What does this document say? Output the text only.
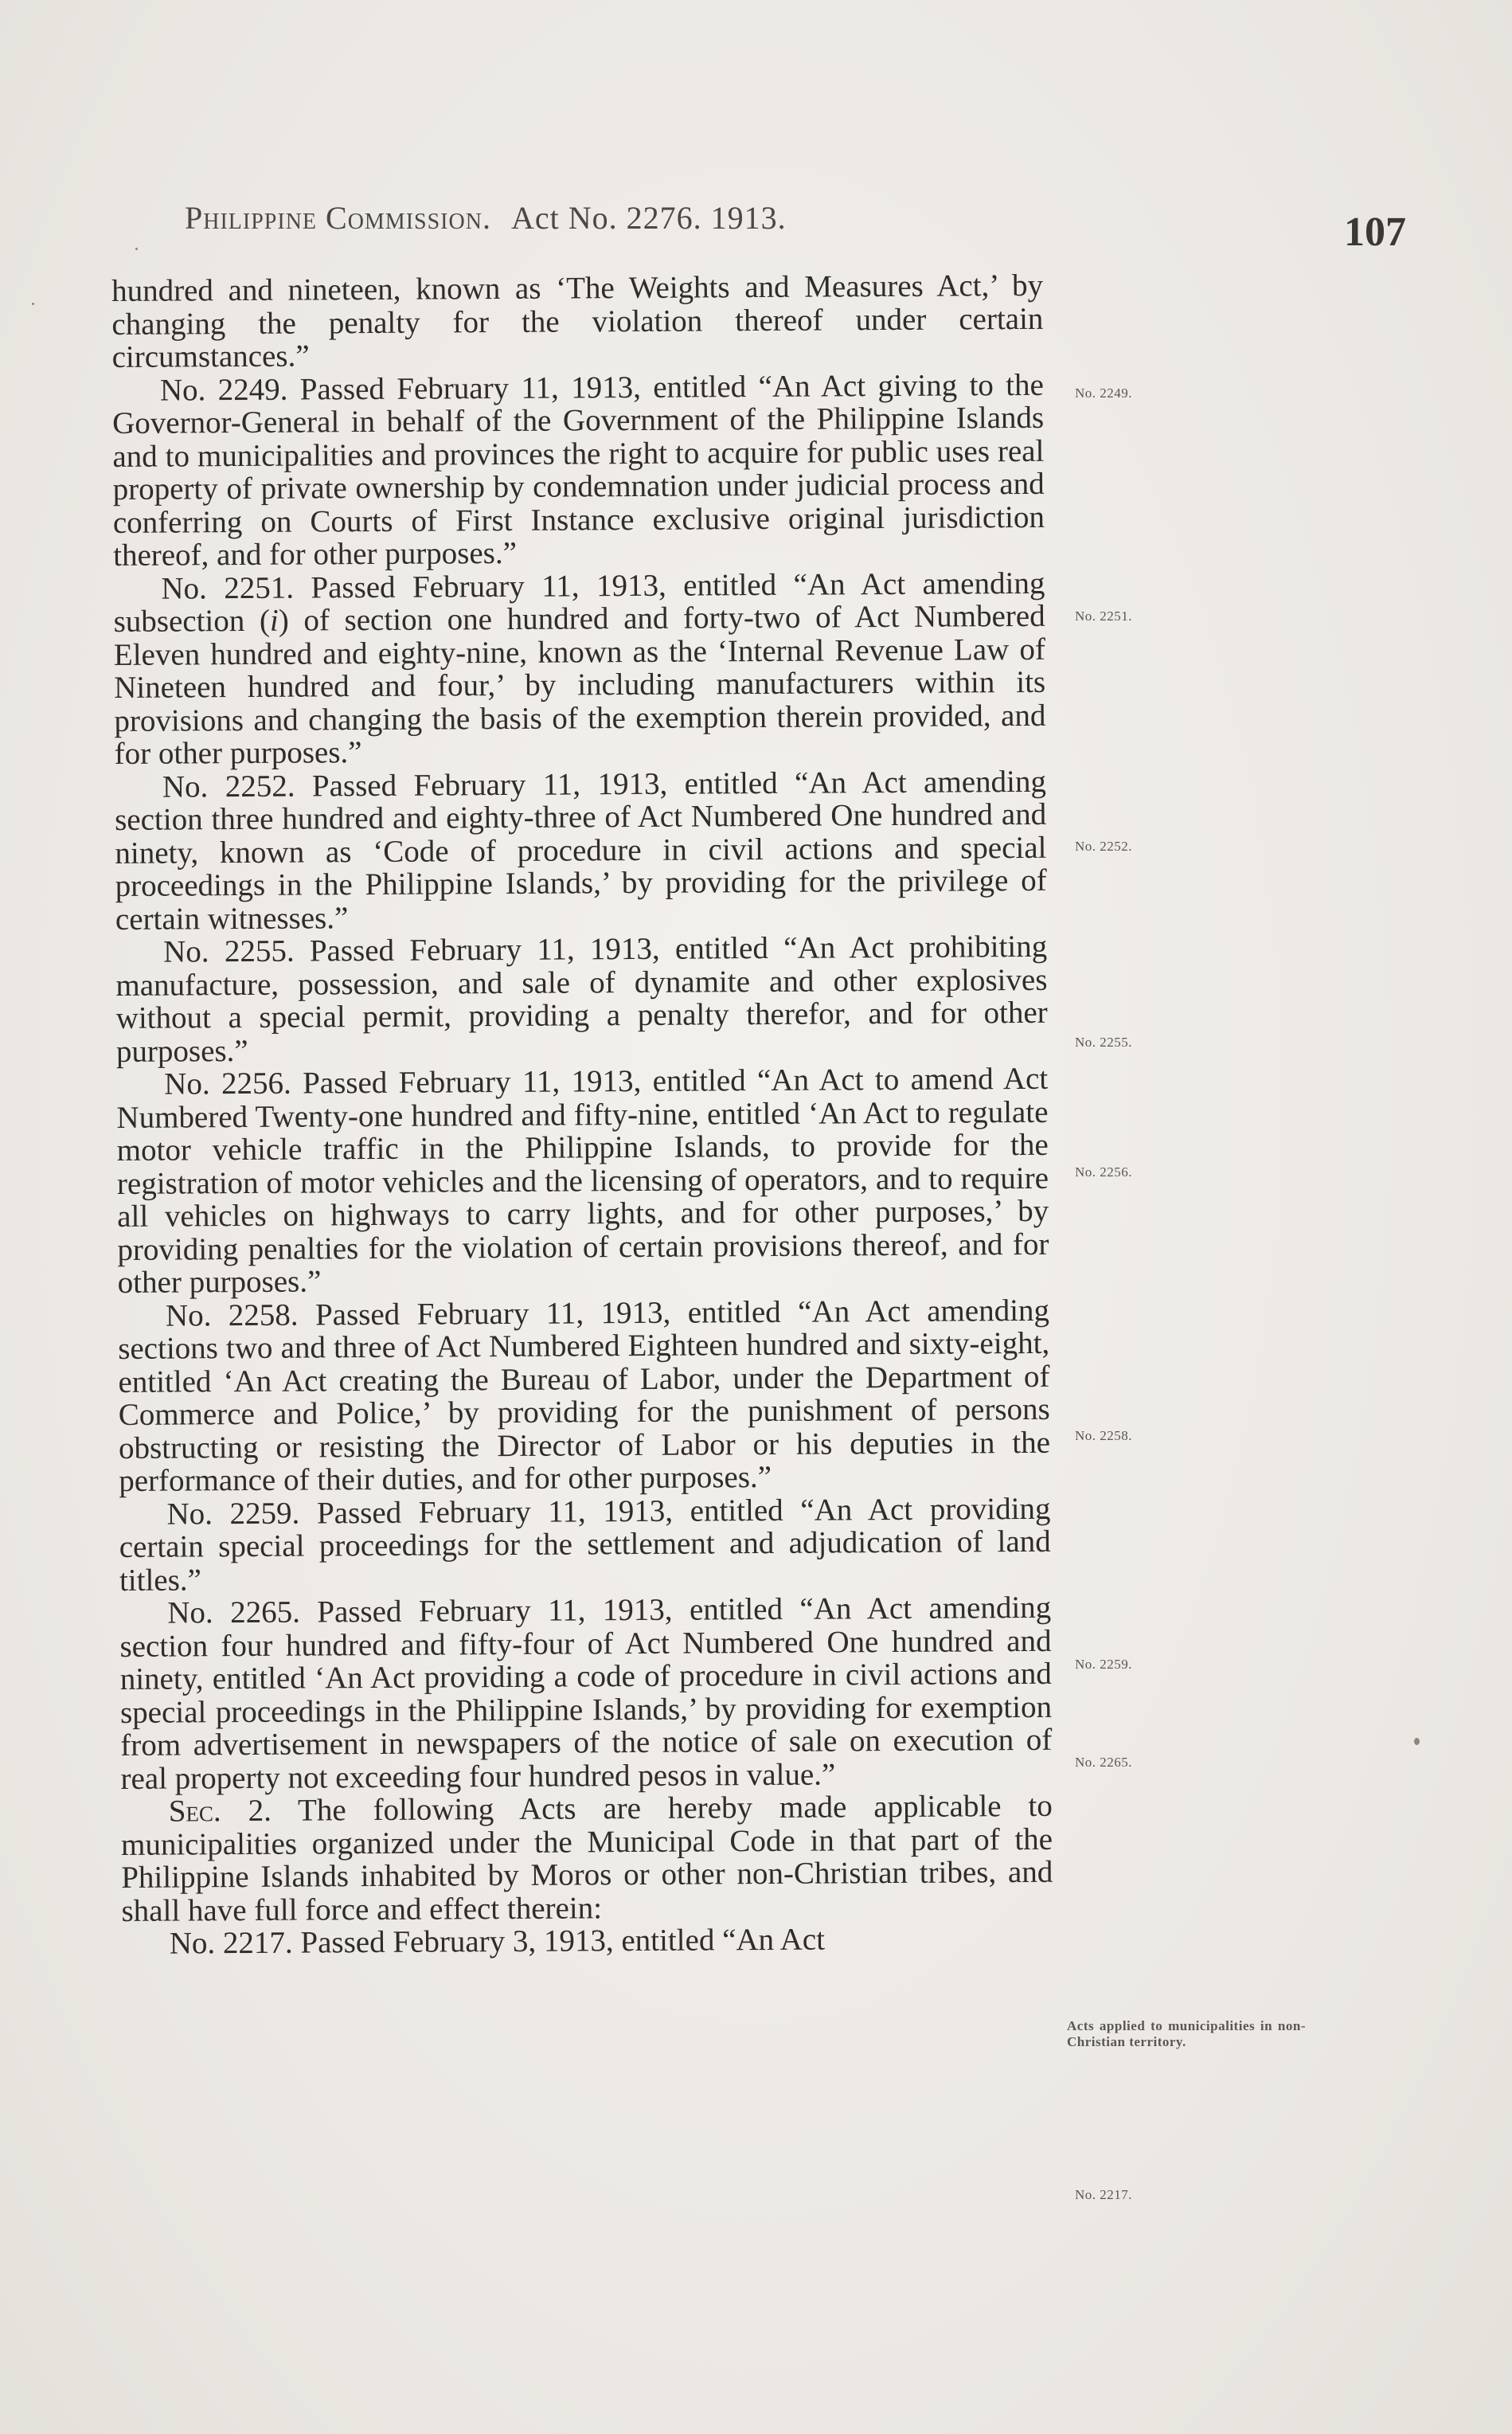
Philippine Commission. Act No. 2276. 1913.	107

hundred and nineteen, known as ‘The Weights and Measures Act,’ by changing the penalty for the violation thereof under certain circumstances.”

No. 2249. Passed February 11, 1913, entitled “An Act giving to the Governor-General in behalf of the Government of the Philippine Islands and to municipalities and provinces the right to acquire for public uses real property of private ownership by condemnation under judicial process and conferring on Courts of First Instance exclusive original jurisdiction thereof, and for other purposes.”

No. 2251. Passed February 11, 1913, entitled “An Act amending subsection (i) of section one hundred and forty-two of Act Numbered Eleven hundred and eighty-nine, known as the ‘Internal Revenue Law of Nineteen hundred and four,’ by including manufacturers within its provisions and changing the basis of the exemption therein provided, and for other purposes.”

No. 2252. Passed February 11, 1913, entitled “An Act amending section three hundred and eighty-three of Act Numbered One hundred and ninety, known as ‘Code of procedure in civil actions and special proceedings in the Philippine Islands,’ by providing for the privilege of certain witnesses.”

No. 2255. Passed February 11, 1913, entitled “An Act prohibiting manufacture, possession, and sale of dynamite and other explosives without a special permit, providing a penalty therefor, and for other purposes.”

No. 2256. Passed February 11, 1913, entitled “An Act to amend Act Numbered Twenty-one hundred and fifty-nine, entitled ‘An Act to regulate motor vehicle traffic in the Philippine Islands, to provide for the registration of motor vehicles and the licensing of operators, and to require all vehicles on highways to carry lights, and for other purposes,’ by providing penalties for the violation of certain provisions thereof, and for other purposes.”

No. 2258. Passed February 11, 1913, entitled “An Act amending sections two and three of Act Numbered Eighteen hundred and sixty-eight, entitled ‘An Act creating the Bureau of Labor, under the Department of Commerce and Police,’ by providing for the punishment of persons obstructing or resisting the Director of Labor or his deputies in the performance of their duties, and for other purposes.”

No. 2259. Passed February 11, 1913, entitled “An Act providing certain special proceedings for the settlement and adjudication of land titles.”

No. 2265. Passed February 11, 1913, entitled “An Act amending section four hundred and fifty-four of Act Numbered One hundred and ninety, entitled ‘An Act providing a code of procedure in civil actions and special proceedings in the Philippine Islands,’ by providing for exemption from advertisement in newspapers of the notice of sale on execution of real property not exceeding four hundred pesos in value.”

Sec. 2. The following Acts are hereby made applicable to municipalities organized under the Municipal Code in that part of the Philippine Islands inhabited by Moros or other non-Christian tribes, and shall have full force and effect therein:

No. 2217. Passed February 3, 1913, entitled “An Act

No. 2249.
No. 2251.
No. 2252.
No. 2255.
No. 2256.
No. 2258.
No. 2259.
No. 2265.
Acts applied to municipalities in non-Christian territory.
No. 2217.
